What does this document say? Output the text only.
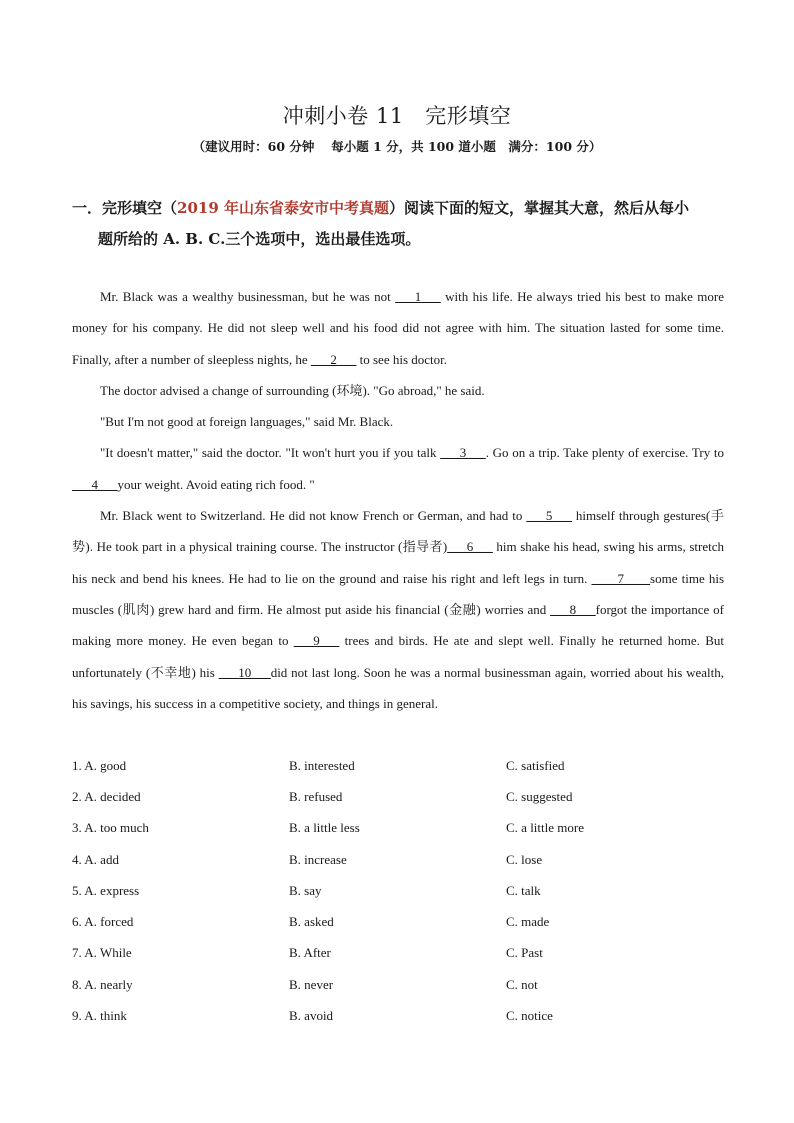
冲刺小卷 11　完形填空
（建议用时：60 分钟　 每小题 1 分，共 100 道小题　满分：100 分）
一．完形填空（2019 年山东省泰安市中考真题）阅读下面的短文，掌握其大意，然后从每小
题所给的 A. B. C.三个选项中，选出最佳选项。

Mr. Black was a wealthy businessman, but he was not ___1___ with his life. He always tried his best to make more money for his company. He did not sleep well and his food did not agree with him. The situation lasted for some time. Finally, after a number of sleepless nights, he ___2___ to see his doctor.

The doctor advised a change of surrounding (环境). "Go abroad," he said.

"But I'm not good at foreign languages," said Mr. Black.

"It doesn't matter," said the doctor. "It won't hurt you if you talk ___3___. Go on a trip. Take plenty of exercise. Try to ___4___your weight. Avoid eating rich food. "

Mr. Black went to Switzerland. He did not know French or German, and had to ___5___ himself through gestures(手势). He took part in a physical training course. The instructor (指导者)___6___ him shake his head, swing his arms, stretch his neck and bend his knees. He had to lie on the ground and raise his right and left legs in turn. ____7____some time his muscles (肌肉) grew hard and firm. He almost put aside his financial (金融) worries and ___8___forgot the importance of making more money. He even began to ___9___ trees and birds. He ate and slept well. Finally he returned home. But unfortunately (不幸地) his ___10___did not last long. Soon he was a normal businessman again, worried about his wealth, his savings, his success in a competitive society, and things in general.

1. A. good	B. interested	C. satisfied
2. A. decided	B. refused	C. suggested
3. A. too much	B. a little less	C. a little more
4. A. add	B. increase	C. lose
5. A. express	B. say	C. talk
6. A. forced	B. asked	C. made
7. A. While	B. After	C. Past
8. A. nearly	B. never	C. not
9. A. think	B. avoid	C. notice
